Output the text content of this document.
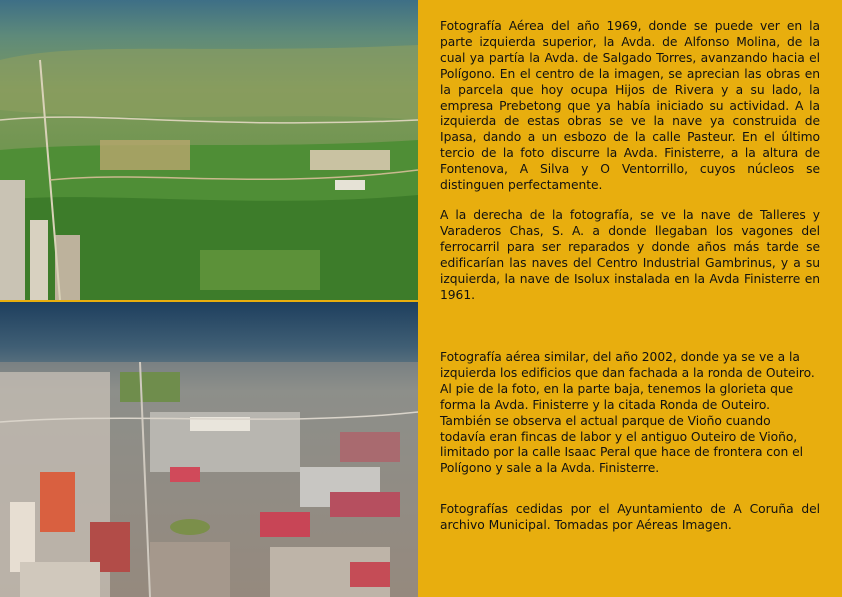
Fotografía Aérea del año 1969, donde se puede ver en la parte izquierda superior, la Avda. de Alfonso Molina, de la cual ya partía la Avda. de Salgado Torres, avanzando hacia el Polígono. En el centro de la imagen, se aprecian las obras en la parcela que hoy ocupa Hijos de Rivera y a su lado, la empresa Prebetong que ya había iniciado su actividad. A la izquierda de estas obras se ve la nave ya construida de Ipasa, dando a un esbozo de la calle Pasteur. En el último tercio de la foto discurre la Avda. Finisterre, a la altura de Fontenova, A Silva y O Ventorrillo, cuyos núcleos se distinguen perfectamente.

A la derecha de la fotografía, se ve la nave de Talleres y Varaderos Chas, S. A. a donde llegaban los vagones del ferrocarril para ser reparados y donde años más tarde se edificarían las naves del Centro Industrial Gambrinus, y a su izquierda, la nave de Isolux instalada en la Avda Finisterre en 1961.

Fotografía aérea similar, del año 2002, donde ya se ve a la izquierda los edificios que dan fachada a la ronda de Outeiro. Al pie de la foto, en la parte baja, tenemos la glorieta que forma la Avda. Finisterre y la citada Ronda de Outeiro. También se observa el actual parque de Vioño cuando todavía eran fincas de labor y el antiguo Outeiro de Vioño, limitado por la calle Isaac Peral que hace de frontera con el Polígono y sale a la Avda. Finisterre.

Fotografías cedidas por el Ayuntamiento de A Coruña del archivo Municipal. Tomadas por Aéreas Imagen.
